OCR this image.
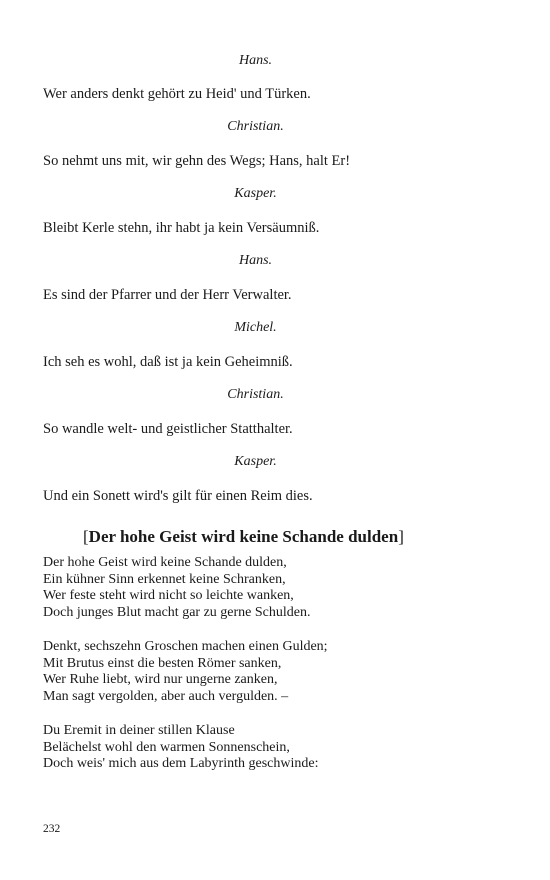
Hans.
Wer anders denkt gehört zu Heid' und Türken.
Christian.
So nehmt uns mit, wir gehn des Wegs; Hans, halt Er!
Kasper.
Bleibt Kerle stehn, ihr habt ja kein Versäumniß.
Hans.
Es sind der Pfarrer und der Herr Verwalter.
Michel.
Ich seh es wohl, daß ist ja kein Geheimniß.
Christian.
So wandle welt- und geistlicher Statthalter.
Kasper.
Und ein Sonett wird's gilt für einen Reim dies.
[Der hohe Geist wird keine Schande dulden]
Der hohe Geist wird keine Schande dulden,
Ein kühner Sinn erkennet keine Schranken,
Wer feste steht wird nicht so leichte wanken,
Doch junges Blut macht gar zu gerne Schulden.
Denkt, sechszehn Groschen machen einen Gulden;
Mit Brutus einst die besten Römer sanken,
Wer Ruhe liebt, wird nur ungerne zanken,
Man sagt vergolden, aber auch vergulden. –
Du Eremit in deiner stillen Klause
Belächelst wohl den warmen Sonnenschein,
Doch weis' mich aus dem Labyrinth geschwinde:
232
